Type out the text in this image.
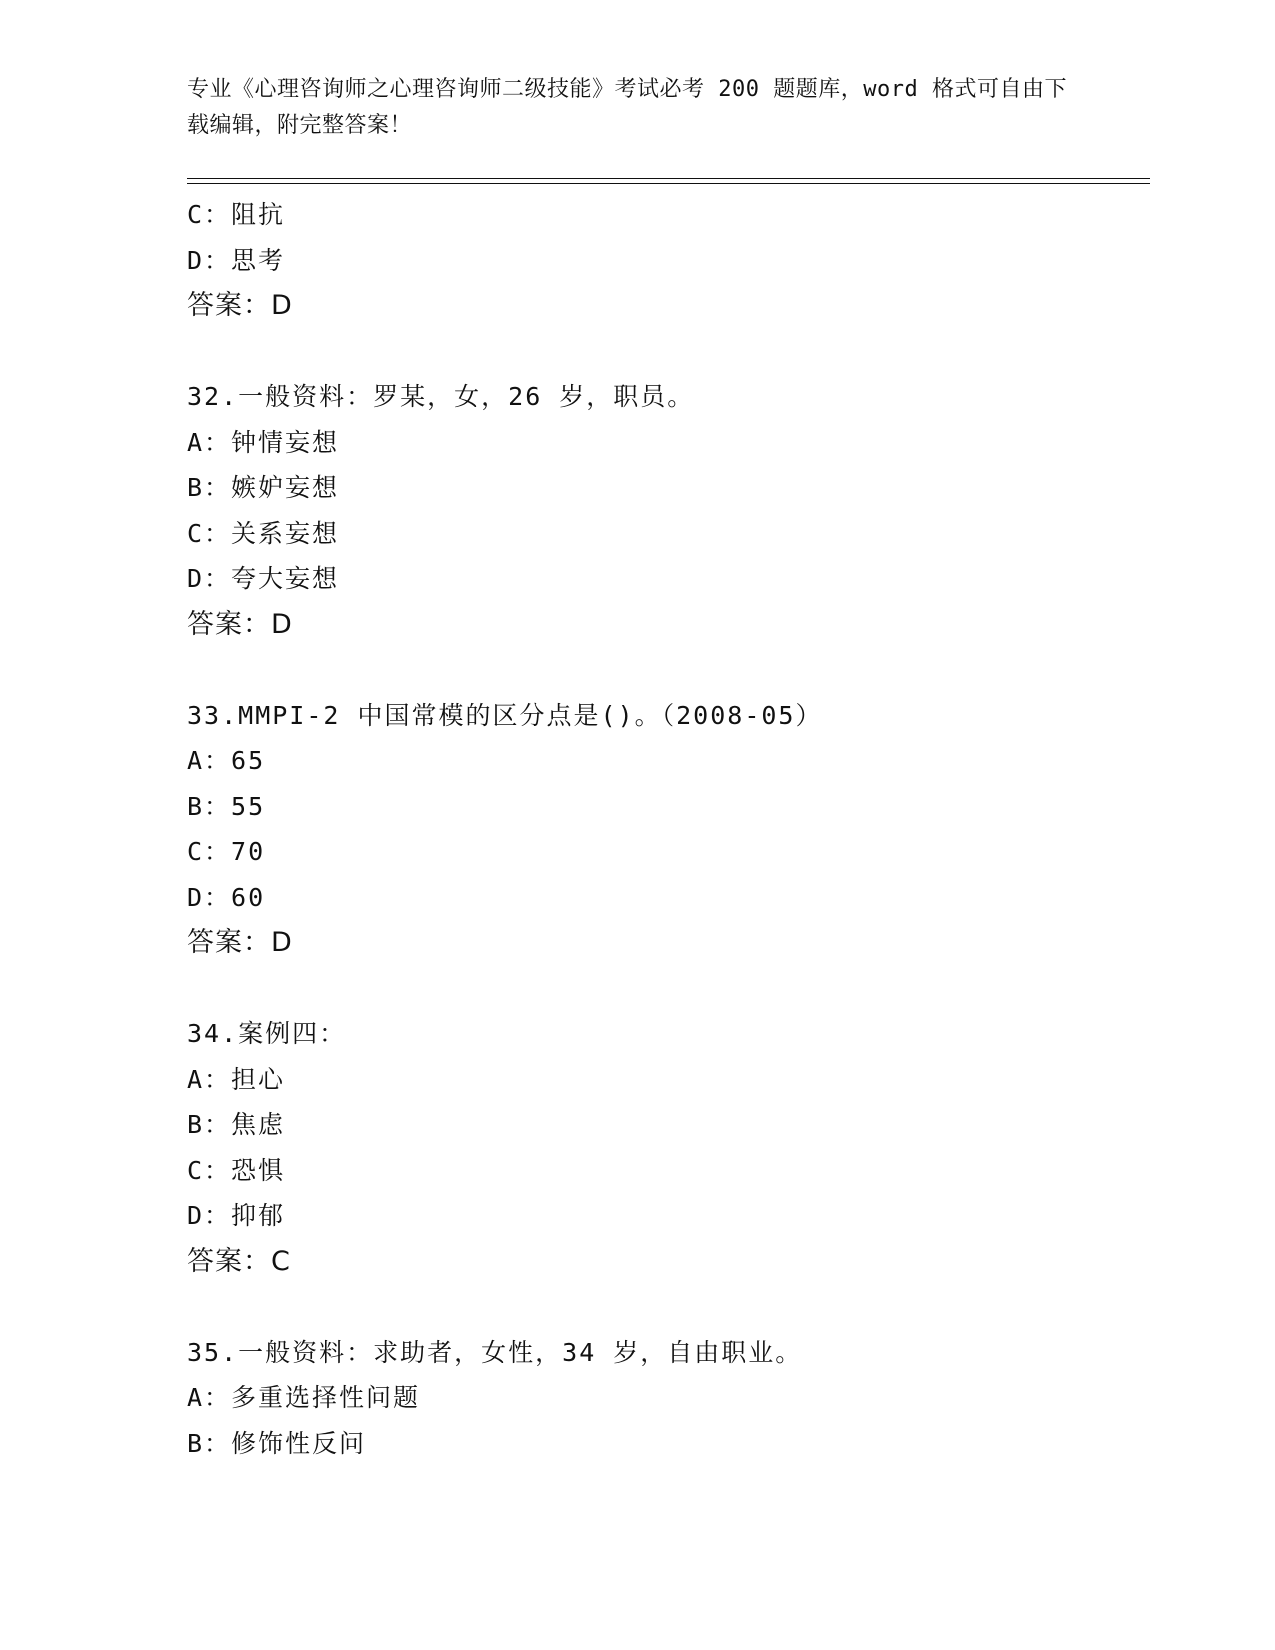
专业《心理咨询师之心理咨询师二级技能》考试必考 200 题题库，word 格式可自由下载编辑，附完整答案！
C：阻抗
D：思考
答案：D
32.一般资料：罗某，女，26 岁，职员。
A：钟情妄想
B：嫉妒妄想
C：关系妄想
D：夸大妄想
答案：D
33.MMPI-2 中国常模的区分点是()。（2008-05）
A：65
B：55
C：70
D：60
答案：D
34.案例四：
A：担心
B：焦虑
C：恐惧
D：抑郁
答案：C
35.一般资料：求助者，女性，34 岁，自由职业。
A：多重选择性问题
B：修饰性反问
